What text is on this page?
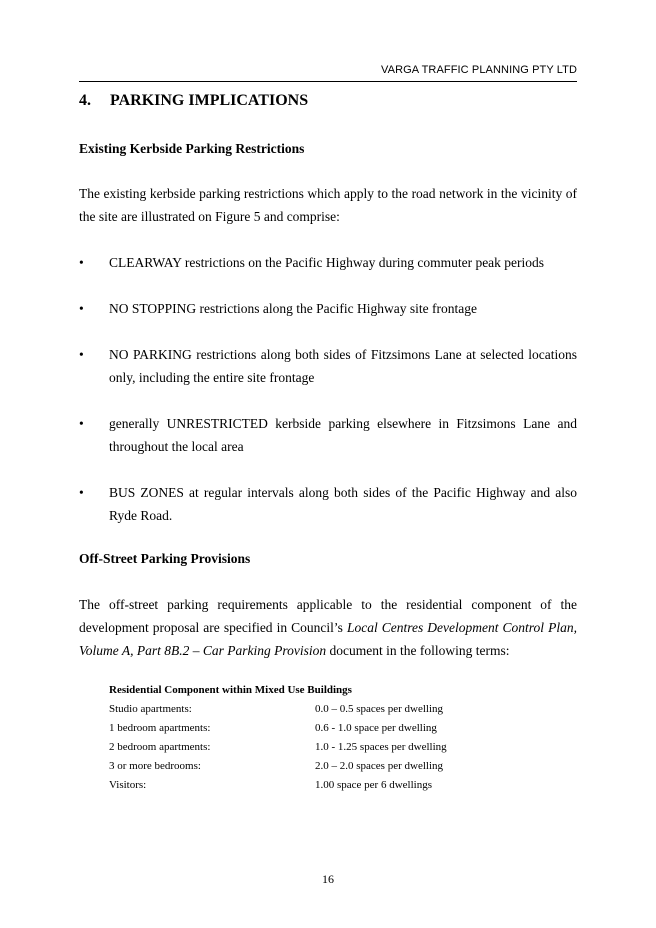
VARGA TRAFFIC PLANNING PTY LTD
4. PARKING IMPLICATIONS
Existing Kerbside Parking Restrictions
The existing kerbside parking restrictions which apply to the road network in the vicinity of the site are illustrated on Figure 5 and comprise:
• CLEARWAY restrictions on the Pacific Highway during commuter peak periods
• NO STOPPING restrictions along the Pacific Highway site frontage
• NO PARKING restrictions along both sides of Fitzsimons Lane at selected locations only, including the entire site frontage
• generally UNRESTRICTED kerbside parking elsewhere in Fitzsimons Lane and throughout the local area
• BUS ZONES at regular intervals along both sides of the Pacific Highway and also Ryde Road.
Off-Street Parking Provisions
The off-street parking requirements applicable to the residential component of the development proposal are specified in Council’s Local Centres Development Control Plan, Volume A, Part 8B.2 – Car Parking Provision document in the following terms:
Residential Component within Mixed Use Buildings
Studio apartments:	0.0 – 0.5 spaces per dwelling
1 bedroom apartments:	0.6 - 1.0 space per dwelling
2 bedroom apartments:	1.0 - 1.25 spaces per dwelling
3 or more bedrooms:	2.0 – 2.0 spaces per dwelling
Visitors:	1.00 space per 6 dwellings
16
